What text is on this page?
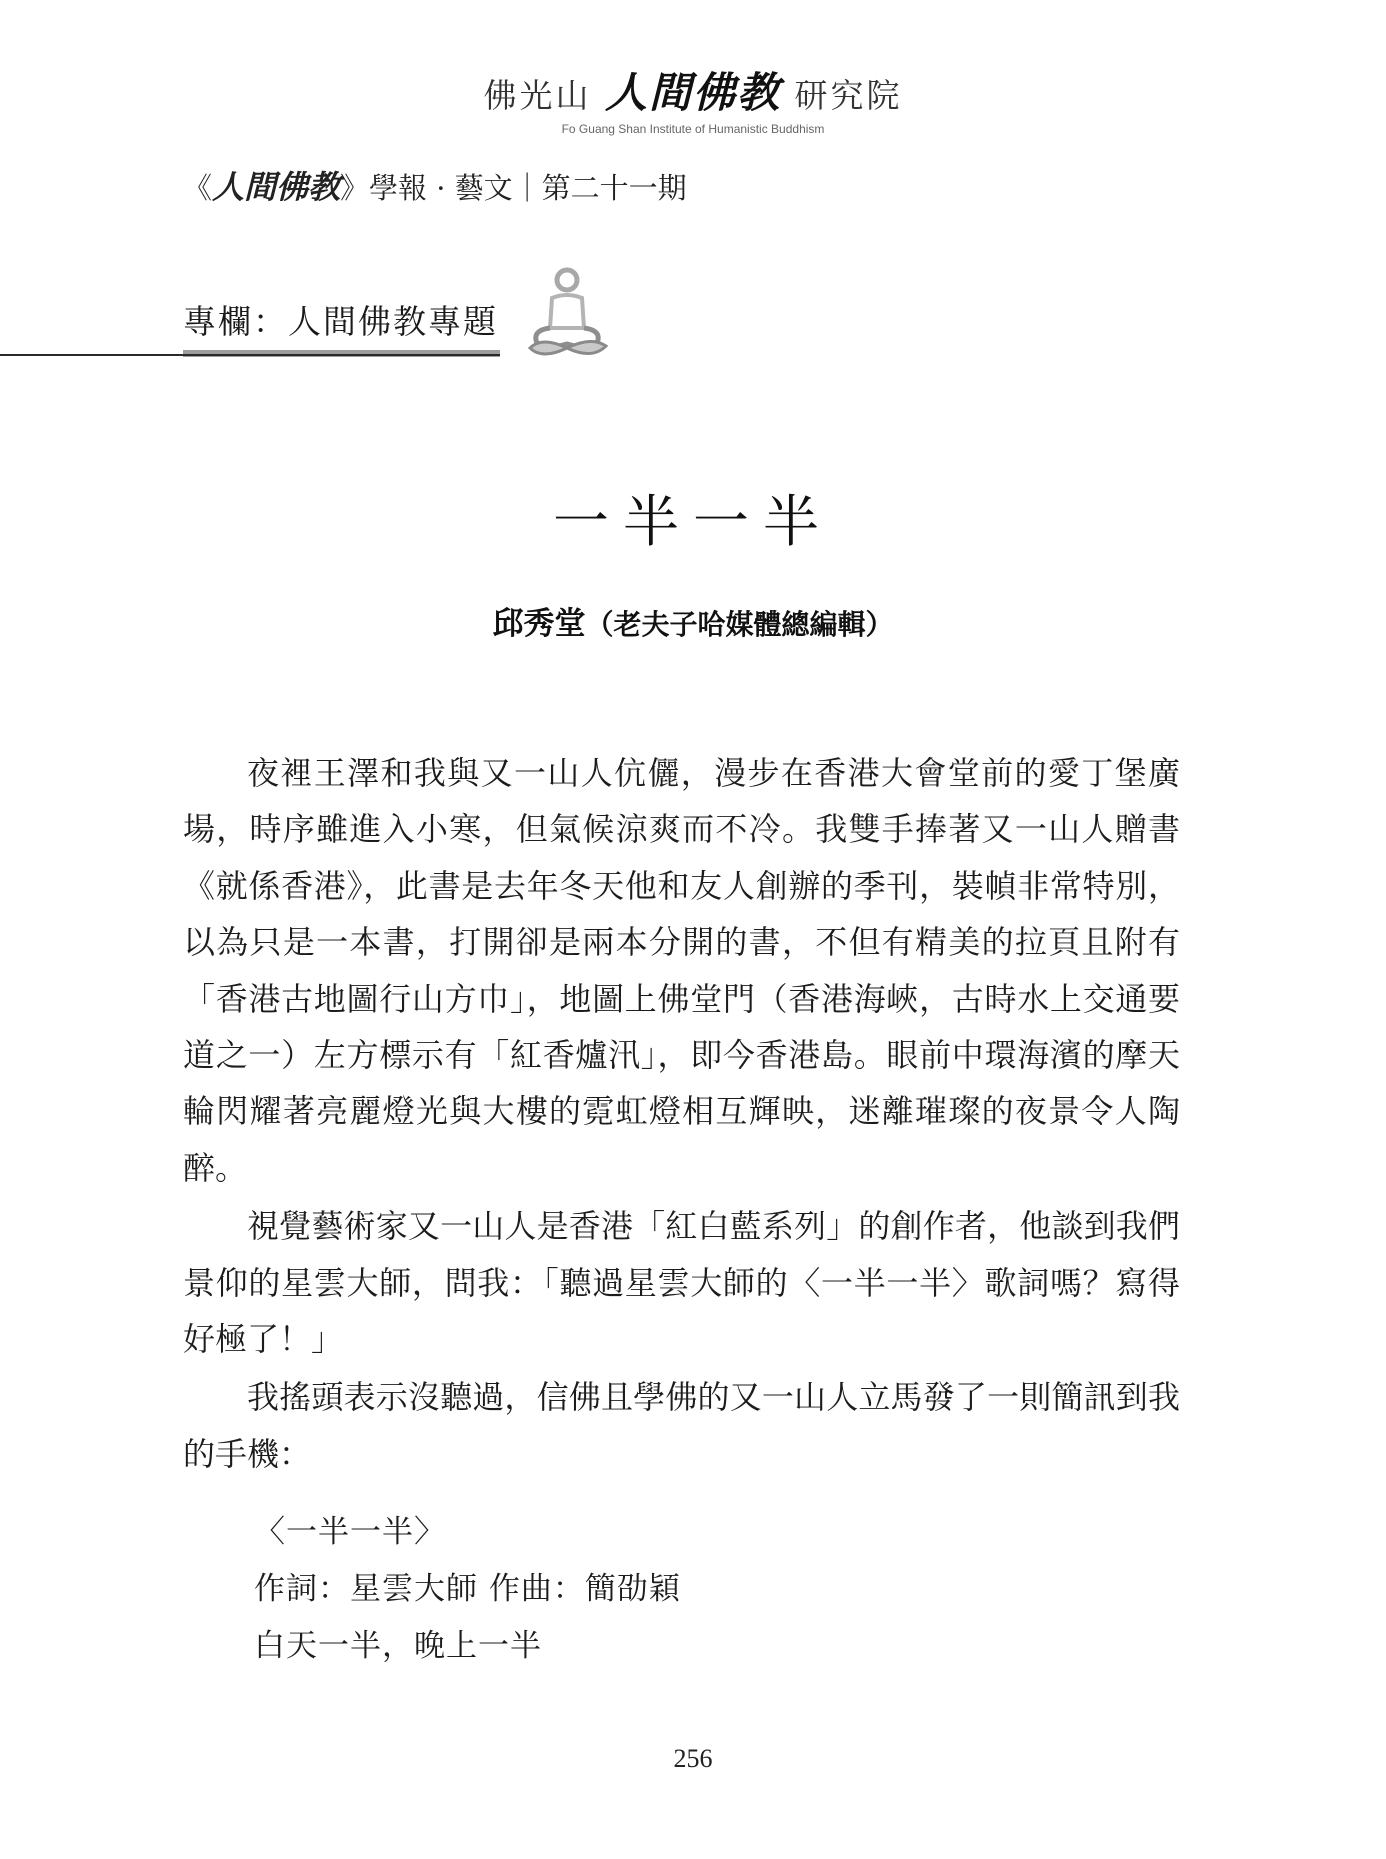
佛光山 人間佛教 研究院
Fo Guang Shan Institute of Humanistic Buddhism
《人間佛教》學報 · 藝文｜第二十一期
專欄：人間佛教專題
一半一半
邱秀堂（老夫子哈媒體總編輯）

夜裡王澤和我與又一山人伉儷，漫步在香港大會堂前的愛丁堡廣場，時序雖進入小寒，但氣候涼爽而不冷。我雙手捧著又一山人贈書《就係香港》，此書是去年冬天他和友人創辦的季刊，裝幀非常特別，以為只是一本書，打開卻是兩本分開的書，不但有精美的拉頁且附有「香港古地圖行山方巾」，地圖上佛堂門（香港海峽，古時水上交通要道之一）左方標示有「紅香爐汛」，即今香港島。眼前中環海濱的摩天輪閃耀著亮麗燈光與大樓的霓虹燈相互輝映，迷離璀璨的夜景令人陶醉。

視覺藝術家又一山人是香港「紅白藍系列」的創作者，他談到我們景仰的星雲大師，問我：「聽過星雲大師的〈一半一半〉歌詞嗎？寫得好極了！」

我搖頭表示沒聽過，信佛且學佛的又一山人立馬發了一則簡訊到我的手機：

〈一半一半〉
作詞：星雲大師 作曲：簡劭穎
白天一半，晚上一半
256
